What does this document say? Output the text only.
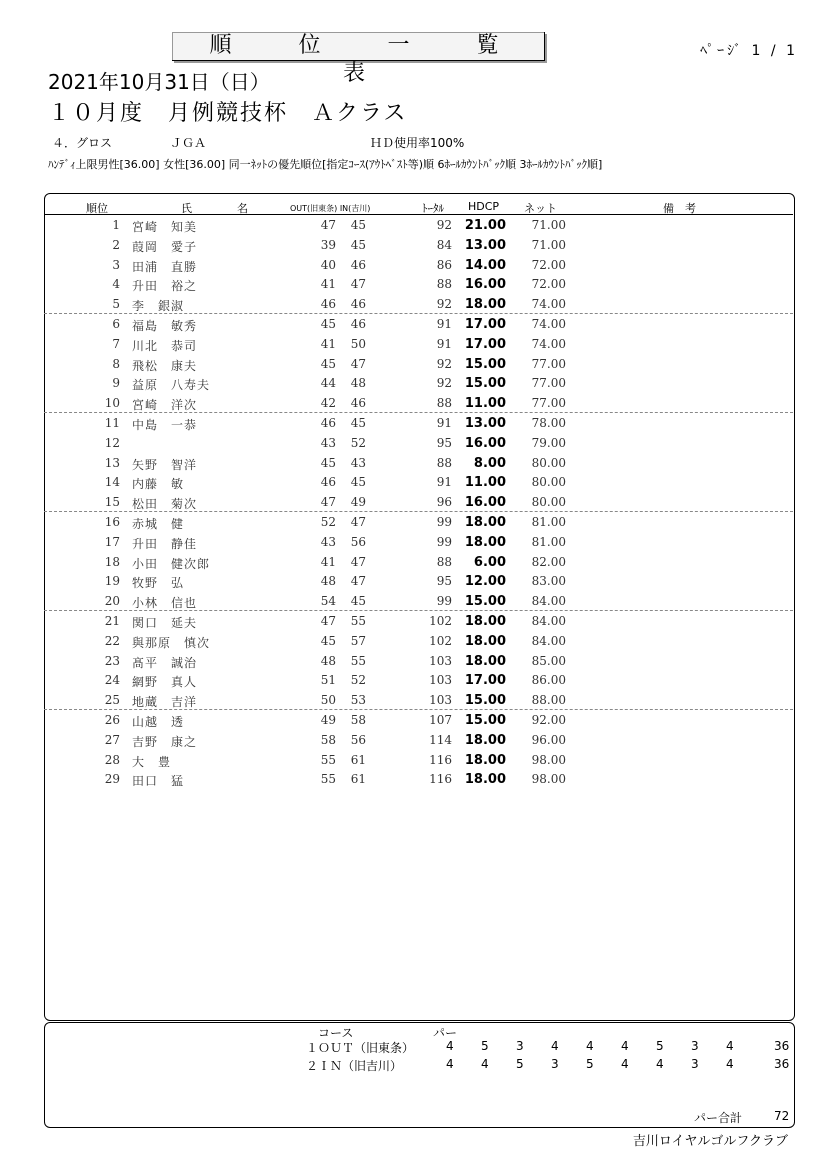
順 位 一 覧 表
ﾍﾟｰｼﾞ 1 / 1
2021年10月31日（日）
１０月度　月例競技杯　Ａクラス
４．グロス	ＪＧＡ	ＨＤ使用率100%
ﾊﾝﾃﾞｨ上限男性[36.00] 女性[36.00] 同一ﾈｯﾄの優先順位[指定ｺｰｽ(ｱｳﾄﾍﾞｽﾄ等)順 6ﾎｰﾙｶｳﾝﾄﾊﾞｯｸ順 3ﾎｰﾙｶｳﾝﾄﾊﾞｯｸ順]
順位	氏	名	OUT(旧東条) IN(吉川)	ﾄｰﾀﾙ HDCP ネット	備　考
1 宮崎　知美	47	45	92 21.00	71.00
2 葭岡　愛子	39	45	84 13.00	71.00
3 田浦　直勝	40	46	86 14.00	72.00
4 升田　裕之	41	47	88 16.00	72.00
5 李　銀淑	46	46	92 18.00	74.00
6 福島　敏秀	45	46	91 17.00	74.00
7 川北　恭司	41	50	91 17.00	74.00
8 飛松　康夫	45	47	92 15.00	77.00
9 益原　八寿夫	44	48	92 15.00	77.00
10 宮崎　洋次	42	46	88 11.00	77.00
11 中島　一恭	46	45	91 13.00	78.00
12	43	52	95 16.00	79.00
13 矢野　智洋	45	43	88	8.00	80.00
14 内藤　敏	46	45	91 11.00	80.00
15 松田　菊次	47	49	96 16.00	80.00
16 赤城　健	52	47	99 18.00	81.00
17 升田　静佳	43	56	99 18.00	81.00
18 小田　健次郎	41	47	88	6.00	82.00
19 牧野　弘	48	47	95 12.00	83.00
20 小林　信也	54	45	99 15.00	84.00
21 関口　延夫	47	55	102 18.00	84.00
22 與那原　慎次	45	57	102 18.00	84.00
23 髙平　誠治	48	55	103 18.00	85.00
24 網野　真人	51	52	103 17.00	86.00
25 地蔵　吉洋	50	53	103 15.00	88.00
26 山越　透	49	58	107 15.00	92.00
27 吉野　康之	58	56	114 18.00	96.00
28 大　豊	55	61	116 18.00	98.00
29 田口　猛	55	61	116 18.00	98.00
コース	パー
１ＯＵＴ（旧東条）	4 5 3 4 4 4 5 3 4	36
２ＩＮ（旧吉川）	4 4 5 3 5 4 4 3 4	36
パー合計	72
吉川ロイヤルゴルフクラブ
